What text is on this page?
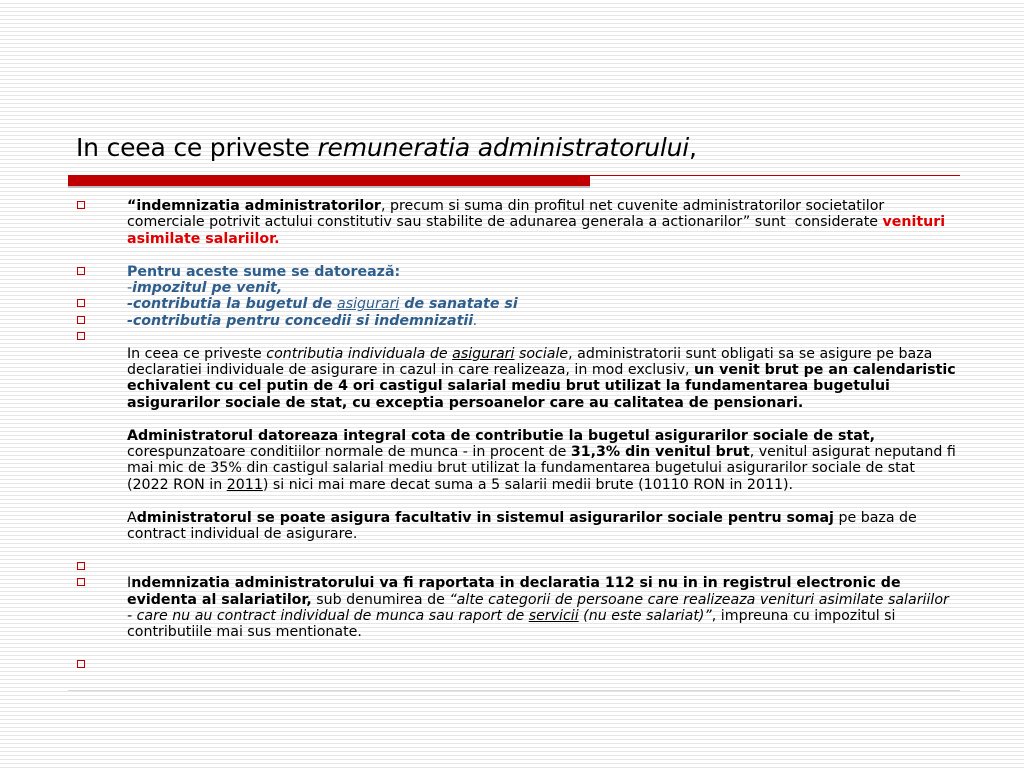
In ceea ce priveste remuneratia administratorului,
“indemnizatia administratorilor, precum si suma din profitul net cuvenite administratorilor societatilor comerciale potrivit actului constitutiv sau stabilite de adunarea generala a actionarilor” sunt  considerate venituri asimilate salariilor.
Pentru aceste sume se datorează:
-impozitul pe venit,
-contributia la bugetul de asigurari de sanatate si
-contributia pentru concedii si indemnizatii.
In ceea ce priveste contributia individuala de asigurari sociale, administratorii sunt obligati sa se asigure pe baza declaratiei individuale de asigurare in cazul in care realizeaza, in mod exclusiv, un venit brut pe an calendaristic echivalent cu cel putin de 4 ori castigul salarial mediu brut utilizat la fundamentarea bugetului asigurarilor sociale de stat, cu exceptia persoanelor care au calitatea de pensionari.
Administratorul datoreaza integral cota de contributie la bugetul asigurarilor sociale de stat, corespunzatoare conditiilor normale de munca - in procent de 31,3% din venitul brut, venitul asigurat neputand fi mai mic de 35% din castigul salarial mediu brut utilizat la fundamentarea bugetului asigurarilor sociale de stat (2022 RON in 2011) si nici mai mare decat suma a 5 salarii medii brute (10110 RON in 2011).
Administratorul se poate asigura facultativ in sistemul asigurarilor sociale pentru somaj pe baza de contract individual de asigurare.
Indemnizatia administratorului va fi raportata in declaratia 112 si nu in in registrul electronic de evidenta al salariatilor, sub denumirea de “alte categorii de persoane care realizeaza venituri asimilate salariilor - care nu au contract individual de munca sau raport de servicii (nu este salariat)”, impreuna cu impozitul si contributiile mai sus mentionate.
